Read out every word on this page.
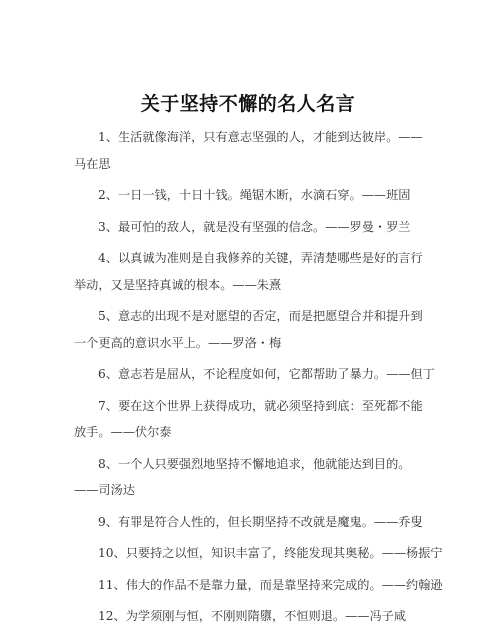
关于坚持不懈的名人名言
1、生活就像海洋，只有意志坚强的人，才能到达彼岸。——马在思
2、一日一钱，十日十钱。绳锯木断，水滴石穿。——班固
3、最可怕的敌人，就是没有坚强的信念。——罗曼・罗兰
4、以真诚为准则是自我修养的关键，弄清楚哪些是好的言行举动，又是坚持真诚的根本。——朱熹
5、意志的出现不是对愿望的否定，而是把愿望合并和提升到一个更高的意识水平上。——罗洛・梅
6、意志若是屈从，不论程度如何，它都帮助了暴力。——但丁
7、要在这个世界上获得成功，就必须坚持到底：至死都不能放手。——伏尔泰
8、一个人只要强烈地坚持不懈地追求，他就能达到目的。——司汤达
9、有罪是符合人性的，但长期坚持不改就是魔鬼。——乔叟
10、只要持之以恒，知识丰富了，终能发现其奥秘。——杨振宁
11、伟大的作品不是靠力量，而是靠坚持来完成的。——约翰逊
12、为学须刚与恒，不刚则隋隳，不恒则退。——冯子咸
